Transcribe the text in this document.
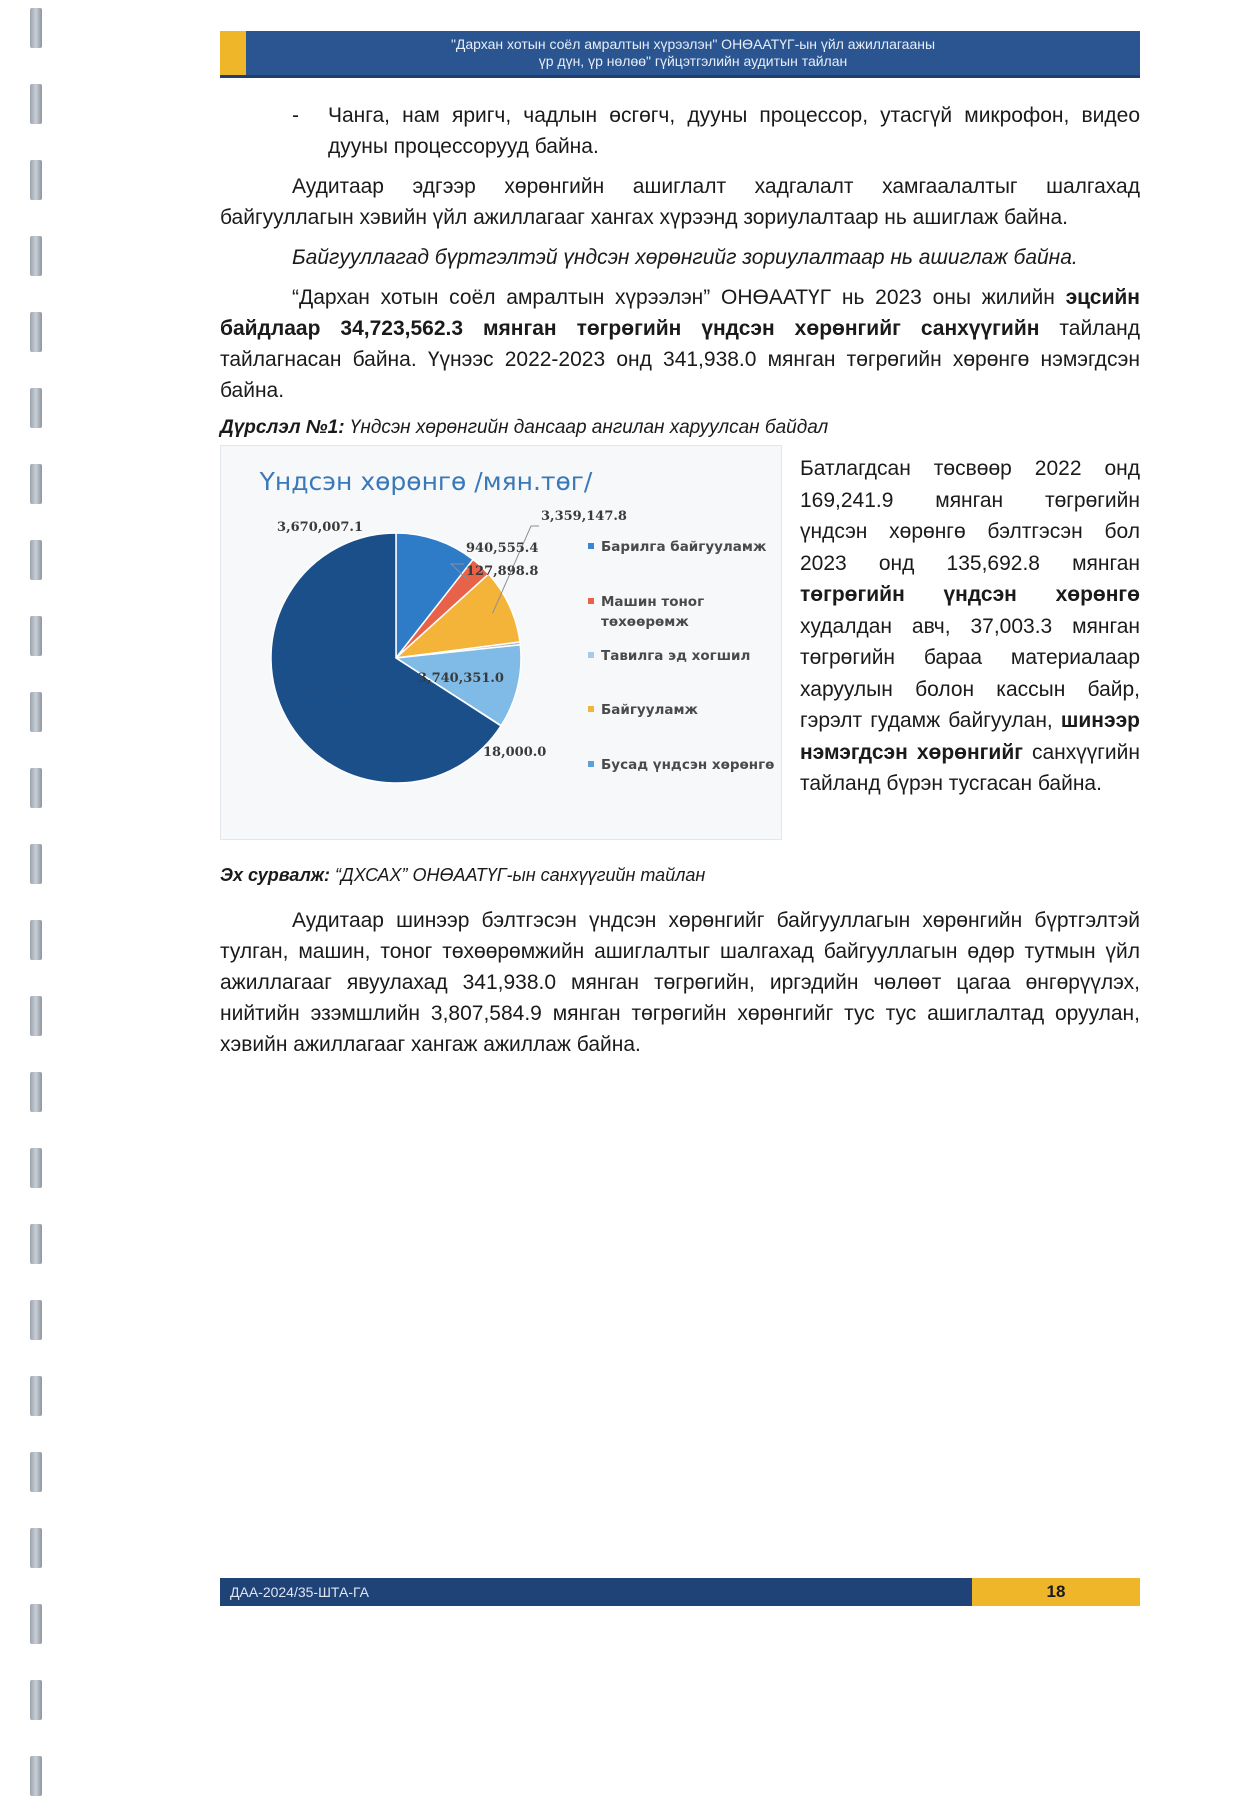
"Дархан хотын соёл амралтын хүрээлэн" ОНӨААТҮГ-ын үйл ажиллагааны
үр дүн, үр нөлөө" гүйцэтгэлийн аудитын тайлан

- Чанга, нам яригч, чадлын өсгөгч, дууны процессор, утасгүй микрофон, видео дууны процессорууд байна.

Аудитаар эдгээр хөрөнгийн ашиглалт хадгалалт хамгаалалтыг шалгахад байгууллагын хэвийн үйл ажиллагааг хангах хүрээнд зориулалтаар нь ашиглаж байна.

Байгууллагад бүртгэлтэй үндсэн хөрөнгийг зориулалтаар нь ашиглаж байна.

“Дархан хотын соёл амралтын хүрээлэн” ОНӨААТҮГ нь 2023 оны жилийн эцсийн байдлаар 34,723,562.3 мянган төгрөгийн үндсэн хөрөнгийг санхүүгийн тайланд тайлагнасан байна. Үүнээс 2022-2023 онд 341,938.0 мянган төгрөгийн хөрөнгө нэмэгдсэн байна.

Дүрслэл №1: Үндсэн хөрөнгийн дансаар ангилан харуулсан байдал

Үндсэн хөрөнгө /мян.төг/
3,670,007.1
940,555.4
3,359,147.8
127,898.8
3,740,351.0
18,000.0
22,867,602.0
Барилга байгууламж
Машин тоног
төхөөрөмж
Тавилга эд хогшил
Байгууламж
Бусад үндсэн хөрөнгө
Батлагдсан төсвөөр 2022 онд 169,241.9 мянган төгрөгийн үндсэн хөрөнгө бэлтгэсэн бол 2023 онд 135,692.8 мянган төгрөгийн үндсэн хөрөнгө худалдан авч, 37,003.3 мянган төгрөгийн бараа материалаар харуулын болон кассын байр, гэрэлт гудамж байгуулан, шинээр нэмэгдсэн хөрөнгийг санхүүгийн тайланд бүрэн тусгасан байна.

Эх сурвалж: “ДХСАХ” ОНӨААТҮГ-ын санхүүгийн тайлан

Аудитаар шинээр бэлтгэсэн үндсэн хөрөнгийг байгууллагын хөрөнгийн бүртгэлтэй тулган, машин, тоног төхөөрөмжийн ашиглалтыг шалгахад байгууллагын өдөр тутмын үйл ажиллагааг явуулахад 341,938.0 мянган төгрөгийн, иргэдийн чөлөөт цагаа өнгөрүүлэх, нийтийн эзэмшлийн 3,807,584.9 мянган төгрөгийн хөрөнгийг тус тус ашиглалтад оруулан, хэвийн ажиллагааг хангаж ажиллаж байна.

ДАА-2024/35-ШТА-ГА	18
